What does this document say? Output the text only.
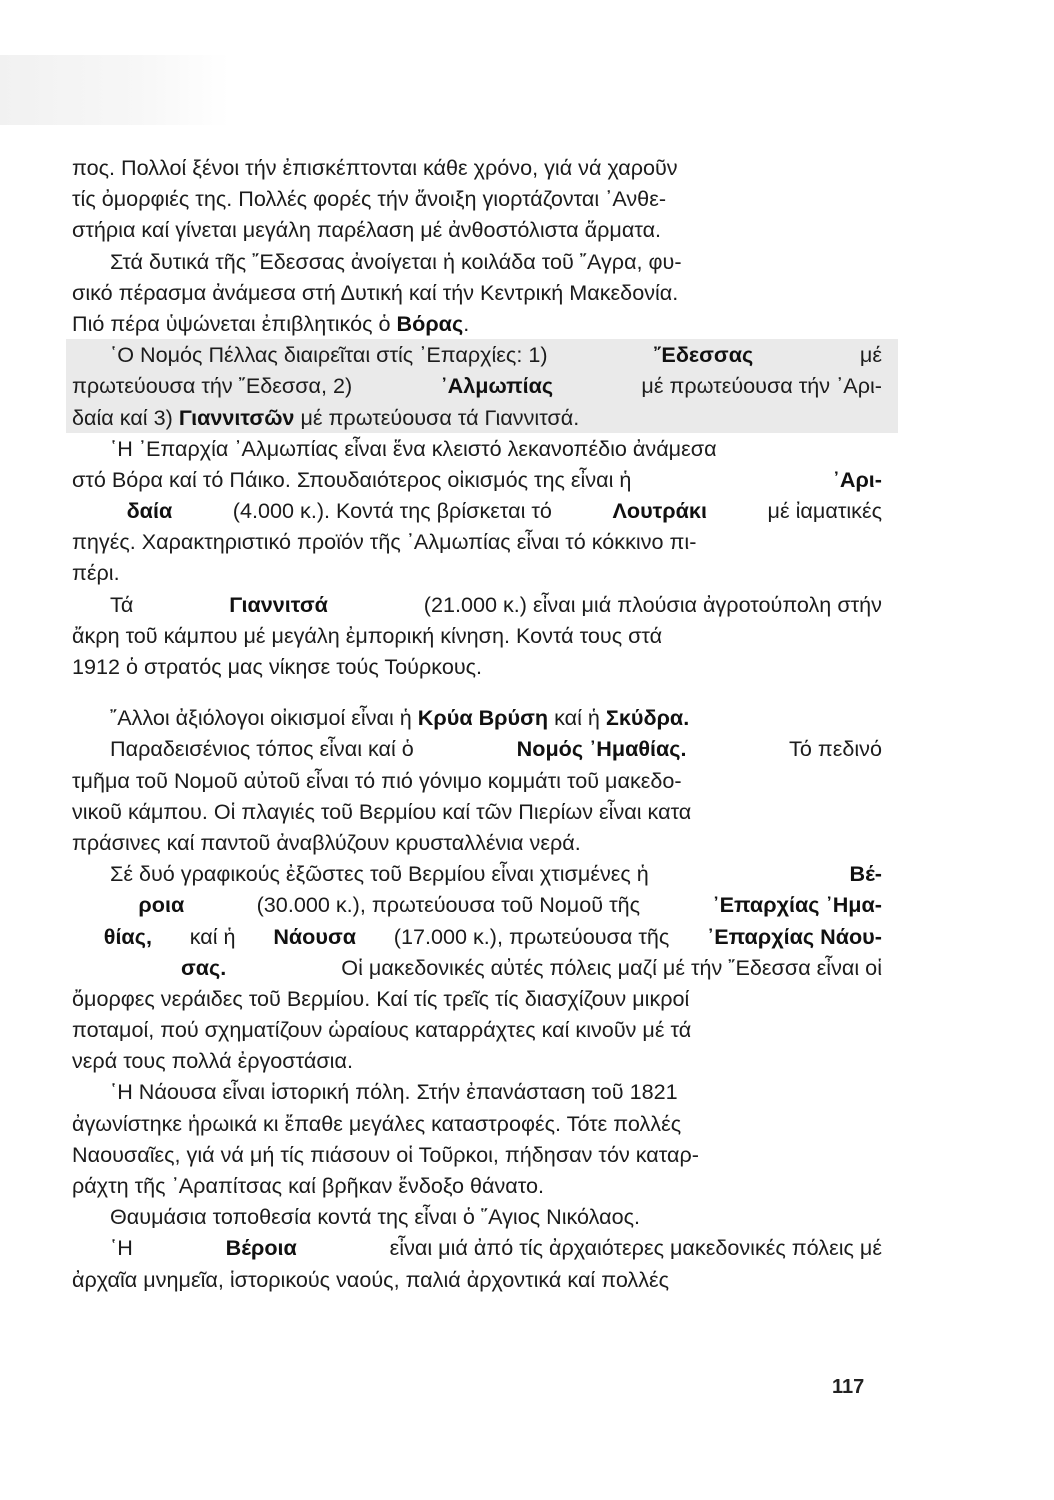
πος. Πολλοί ξένοι τήν ἐπισκέπτονται κάθε χρόνο, γιά νά χαροῦν
τίς ὀμορφιές της. Πολλές φορές τήν ἄνοιξη γιορτάζονται ᾿Ανθε-
στήρια καί γίνεται μεγάλη παρέλαση μέ ἀνθοστόλιστα ἅρματα.
Στά δυτικά τῆς ῎Εδεσσας ἀνοίγεται ἡ κοιλάδα τοῦ ῎Αγρα, φυ-
σικό πέρασμα ἀνάμεσα στή Δυτική καί τήν Κεντρική Μακεδονία.
Πιό πέρα ὑψώνεται ἐπιβλητικός ὁ Βόρας.
῾Ο Νομός Πέλλας διαιρεῖται στίς ᾿Επαρχίες: 1)	῎Εδεσσας	μέ
πρωτεύουσα τήν ῎Εδεσσα, 2)	᾿Αλμωπίας	μέ πρωτεύουσα τήν ᾿Αρι-
δαία καί 3) Γιαννιτσῶν μέ πρωτεύουσα τά Γιαννιτσά.
῾Η ᾿Επαρχία ᾿Αλμωπίας εἶναι ἕνα κλειστό λεκανοπέδιο ἀνάμεσα
στό Βόρα καί τό Πάικο. Σπουδαιότερος οἰκισμός της εἶναι ἡ	᾿Αρι-
δαία	(4.000 κ.). Κοντά της βρίσκεται τό	Λουτράκι	μέ ἰαματικές
πηγές. Χαρακτηριστικό προϊόν τῆς ᾿Αλμωπίας εἶναι τό κόκκινο πι-
πέρι.
Τά	Γιαννιτσά	(21.000 κ.) εἶναι μιά πλούσια ἀγροτούπολη στήν
ἄκρη τοῦ κάμπου μέ μεγάλη ἐμπορική κίνηση. Κοντά τους στά
1912 ὁ στρατός μας νίκησε τούς Τούρκους.
῎Αλλοι ἀξιόλογοι οἰκισμοί εἶναι ἡ Κρύα Βρύση καί ἡ Σκύδρα.
Παραδεισένιος τόπος εἶναι καί ὁ	Νομός ᾿Ημαθίας.	Τό πεδινό
τμῆμα τοῦ Νομοῦ αὐτοῦ εἶναι τό πιό γόνιμο κομμάτι τοῦ μακεδο-
νικοῦ κάμπου. Οἱ πλαγιές τοῦ Βερμίου καί τῶν Πιερίων εἶναι κατα
πράσινες καί παντοῦ ἀναβλύζουν κρυσταλλένια νερά.
Σέ δυό γραφικούς ἐξῶστες τοῦ Βερμίου εἶναι χτισμένες ἡ	Βέ-
ροια	(30.000 κ.), πρωτεύουσα τοῦ Νομοῦ τῆς	᾿Επαρχίας ᾿Ημα-
θίας, καί ἡ Νάουσα (17.000 κ.), πρωτεύουσα τῆς ᾿Επαρχίας Νάου-
σας.	Οἱ μακεδονικές αὐτές πόλεις μαζί μέ τήν ῎Εδεσσα εἶναι οἱ
ὄμορφες νεράιδες τοῦ Βερμίου. Καί τίς τρεῖς τίς διασχίζουν μικροί
ποταμοί, πού σχηματίζουν ὡραίους καταρράχτες καί κινοῦν μέ τά
νερά τους πολλά ἐργοστάσια.
῾Η Νάουσα εἶναι ἱστορική πόλη. Στήν ἐπανάσταση τοῦ 1821
ἀγωνίστηκε ἡρωικά κι ἔπαθε μεγάλες καταστροφές. Τότε πολλές
Ναουσαῖες, γιά νά μή τίς πιάσουν οἱ Τοῦρκοι, πήδησαν τόν καταρ-
ράχτη τῆς ᾿Αραπίτσας καί βρῆκαν ἔνδοξο θάνατο.
Θαυμάσια τοποθεσία κοντά της εἶναι ὁ ῞Αγιος Νικόλαος.
῾Η	Βέροια	εἶναι μιά ἀπό τίς ἀρχαιότερες μακεδονικές πόλεις μέ
ἀρχαῖα μνημεῖα, ἱστορικούς ναούς, παλιά ἀρχοντικά καί πολλές
117
